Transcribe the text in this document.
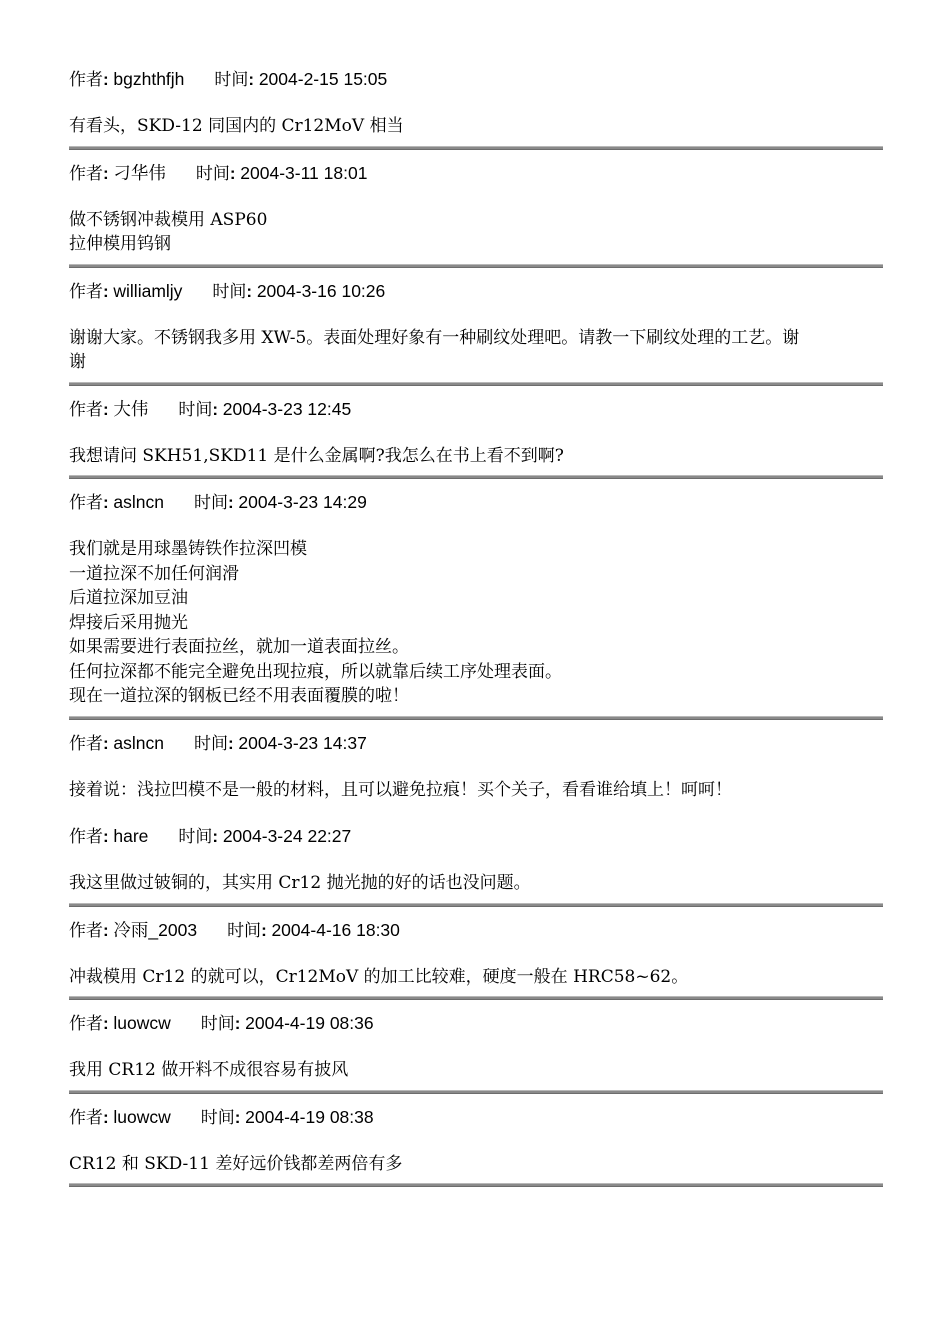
作者: bgzhthfjh 时间: 2004-2-15 15:05
有看头，SKD-12 同国内的 Cr12MoV 相当
作者: 刁华伟 时间: 2004-3-11 18:01
做不锈钢冲裁模用 ASP60
拉伸模用钨钢
作者: williamljy 时间: 2004-3-16 10:26
谢谢大家。不锈钢我多用 XW-5。表面处理好象有一种刷纹处理吧。请教一下刷纹处理的工艺。谢
谢
作者: 大伟 时间: 2004-3-23 12:45
我想请问 SKH51,SKD11 是什么金属啊?我怎么在书上看不到啊?
作者: aslncn 时间: 2004-3-23 14:29
我们就是用球墨铸铁作拉深凹模
一道拉深不加任何润滑
后道拉深加豆油
焊接后采用抛光
如果需要进行表面拉丝，就加一道表面拉丝。
任何拉深都不能完全避免出现拉痕，所以就靠后续工序处理表面。
现在一道拉深的钢板已经不用表面覆膜的啦！
作者: aslncn 时间: 2004-3-23 14:37
接着说：浅拉凹模不是一般的材料，且可以避免拉痕！买个关子，看看谁给填上！呵呵！
作者: hare 时间: 2004-3-24 22:27
我这里做过铍铜的，其实用 Cr12 抛光抛的好的话也没问题。
作者: 冷雨_2003 时间: 2004-4-16 18:30
冲裁模用 Cr12 的就可以，Cr12MoV 的加工比较难，硬度一般在 HRC58~62。
作者: luowcw 时间: 2004-4-19 08:36
我用 CR12 做开料不成很容易有披风
作者: luowcw 时间: 2004-4-19 08:38
CR12 和 SKD-11 差好远价钱都差两倍有多
